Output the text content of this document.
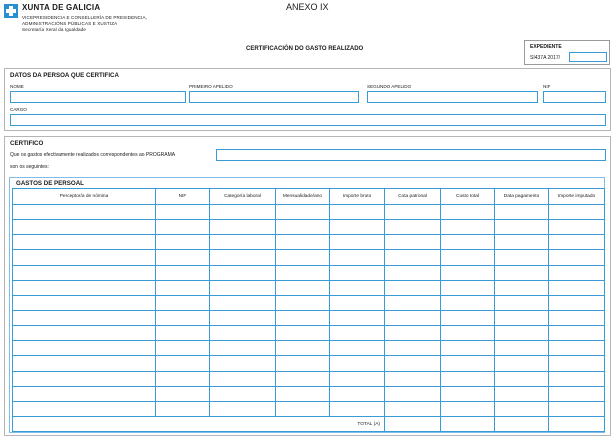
XUNTA DE GALICIA
VICEPRESIDENCIA E CONSELLERÍA DE PRESIDENCIA,
ADMINISTRACIÓNS PÚBLICAS E XUSTIZA
Secretaría Xeral da Igualdade
ANEXO IX
CERTIFICACIÓN DO GASTO REALIZADO	EXPEDIENTE
SI437A 2017/
DATOS DA PERSOA QUE CERTIFICA
NOME	PRIMEIRO APELIDO	SEGUNDO APELIDO	NIF
CARGO
CERTIFICO
Que os gastos efectivamente realizados correspondentes ao PROGRAMA
son os seguintes:
GASTOS DE PERSOAL
Perceptor/a de nómina	NIF	Categoría laboral	Mensualidade/ano	Importe bruto	Cota patronal	Custo total	Data pagamento	Importe imputado

TOTAL (A)								
